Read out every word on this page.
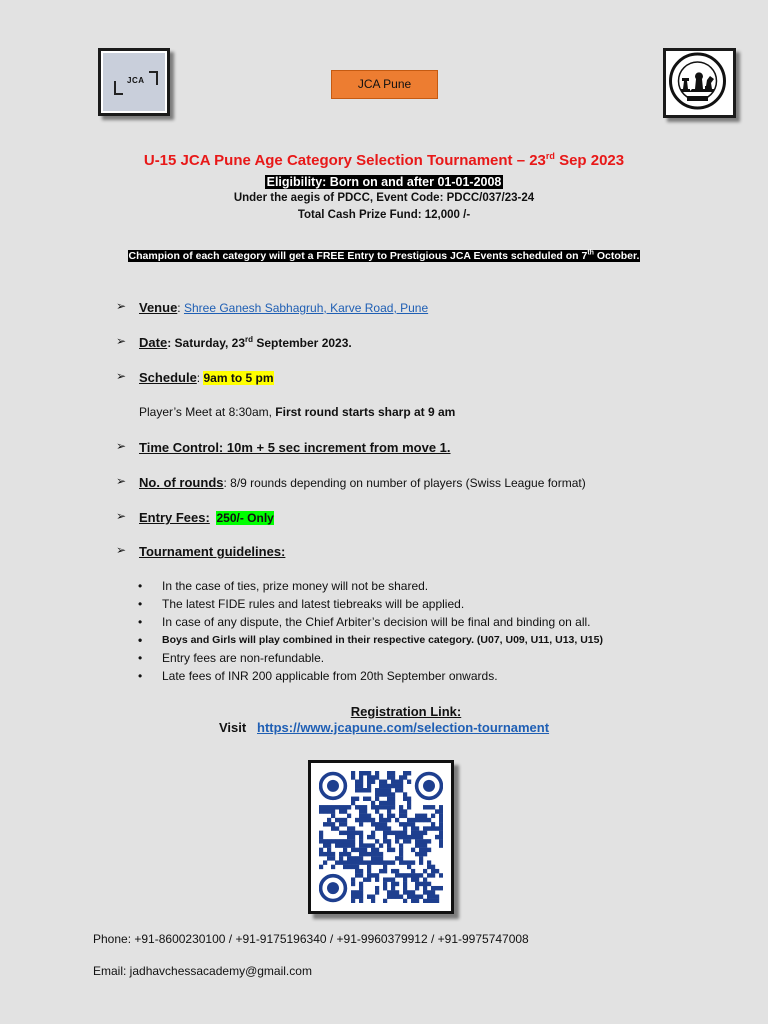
JCA	JCA Pune
U-15 JCA Pune Age Category Selection Tournament – 23rd Sep 2023
Eligibility: Born on and after 01-01-2008
Under the aegis of PDCC, Event Code: PDCC/037/23-24
Total Cash Prize Fund: 12,000 /-
Champion of each category will get a FREE Entry to Prestigious JCA Events scheduled on 7th October.
➢ Venue: Shree Ganesh Sabhagruh, Karve Road, Pune
➢ Date: Saturday, 23rd September 2023.
➢ Schedule: 9am to 5 pm
Player’s Meet at 8:30am, First round starts sharp at 9 am
➢ Time Control: 10m + 5 sec increment from move 1.
➢ No. of rounds: 8/9 rounds depending on number of players (Swiss League format)
➢ Entry Fees: 250/- Only
➢ Tournament guidelines:
• In the case of ties, prize money will not be shared.
• The latest FIDE rules and latest tiebreaks will be applied.
• In case of any dispute, the Chief Arbiter’s decision will be final and binding on all.
• Boys and Girls will play combined in their respective category. (U07, U09, U11, U13, U15)
• Entry fees are non-refundable.
• Late fees of INR 200 applicable from 20th September onwards.
Registration Link:
Visit https://www.jcapune.com/selection-tournament
Phone: +91-8600230100 / +91-9175196340 / +91-9960379912 / +91-9975747008
Email: jadhavchessacademy@gmail.com
